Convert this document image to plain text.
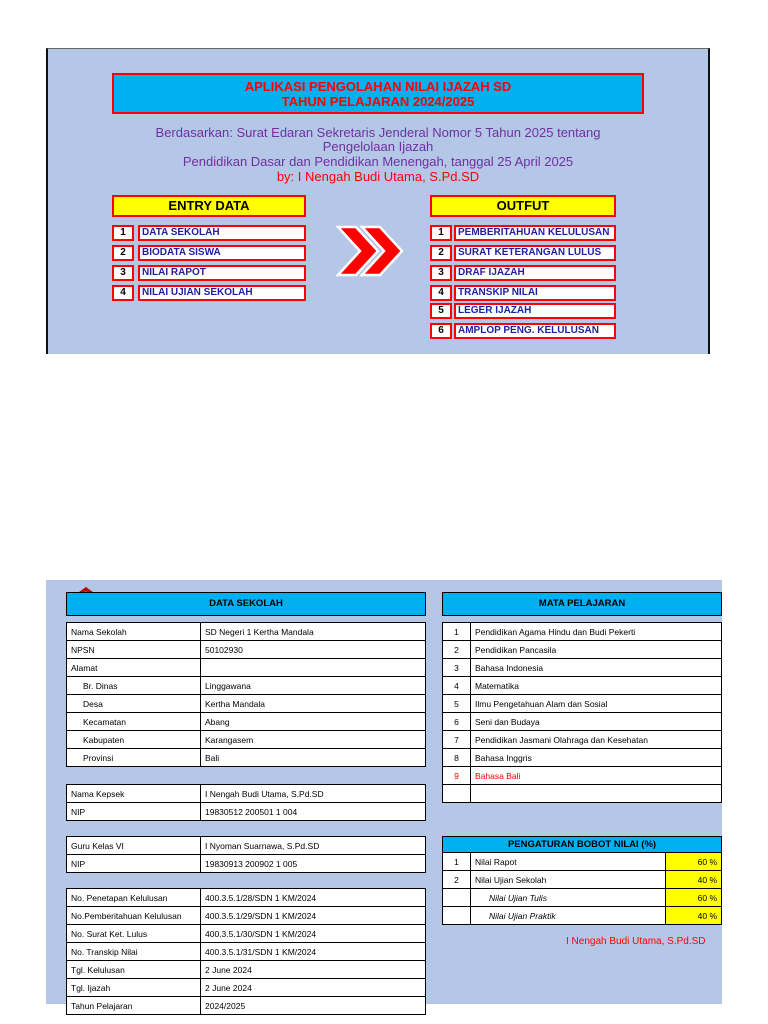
APLIKASI PENGOLAHAN NILAI IJAZAH SD
TAHUN PELAJARAN 2024/2025
Berdasarkan: Surat Edaran Sekretaris Jenderal Nomor 5 Tahun 2025 tentang
Pengelolaan Ijazah
Pendidikan Dasar dan Pendidikan Menengah, tanggal 25 April 2025
by: I Nengah Budi Utama, S.Pd.SD
ENTRY DATA
1	DATA SEKOLAH
2	BIODATA SISWA
3	NILAI RAPOT
4	NILAI UJIAN SEKOLAH
OUTFUT
1	PEMBERITAHUAN KELULUSAN
2	SURAT KETERANGAN LULUS
3	DRAF IJAZAH
4	TRANSKIP NILAI
5	LEGER IJAZAH
6	AMPLOP PENG. KELULUSAN
DATA SEKOLAH
Nama Sekolah	SD Negeri 1 Kertha Mandala
NPSN	50102930
Alamat	
Br. Dinas	Linggawana
Desa	Kertha Mandala
Kecamatan	Abang
Kabupaten	Karangasem
Provinsi	Bali
Nama Kepsek	I Nengah Budi Utama, S.Pd.SD
NIP	19830512 200501 1 004
Guru Kelas VI	I Nyoman Suarnawa, S.Pd.SD
NIP	19830913 200902 1 005
No. Penetapan Kelulusan	400.3.5.1/28/SDN 1 KM/2024
No.Pemberitahuan Kelulusan	400.3.5.1/29/SDN 1 KM/2024
No. Surat Ket. Lulus	400.3.5.1/30/SDN 1 KM/2024
No. Transkip Nilai	400.3.5.1/31/SDN 1 KM/2024
Tgl. Kelulusan	2 June 2024
Tgl. Ijazah	2 June 2024
Tahun Pelajaran	2024/2025
MATA PELAJARAN
1	Pendidikan Agama Hindu dan Budi Pekerti
2	Pendidikan Pancasila
3	Bahasa Indonesia
4	Matematika
5	Ilmu Pengetahuan Alam dan Sosial
6	Seni dan Budaya
7	Pendidikan Jasmani Olahraga dan Kesehatan
8	Bahasa Inggris
9	Bahasa Bali

PENGATURAN BOBOT NILAI (%)
1	Nilai Rapot	60 %
2	Nilai Ujian Sekolah	40 %
	Nilai Ujian Tulis	60 %
	Nilai Ujian Praktik	40 %
I Nengah Budi Utama, S.Pd.SD
